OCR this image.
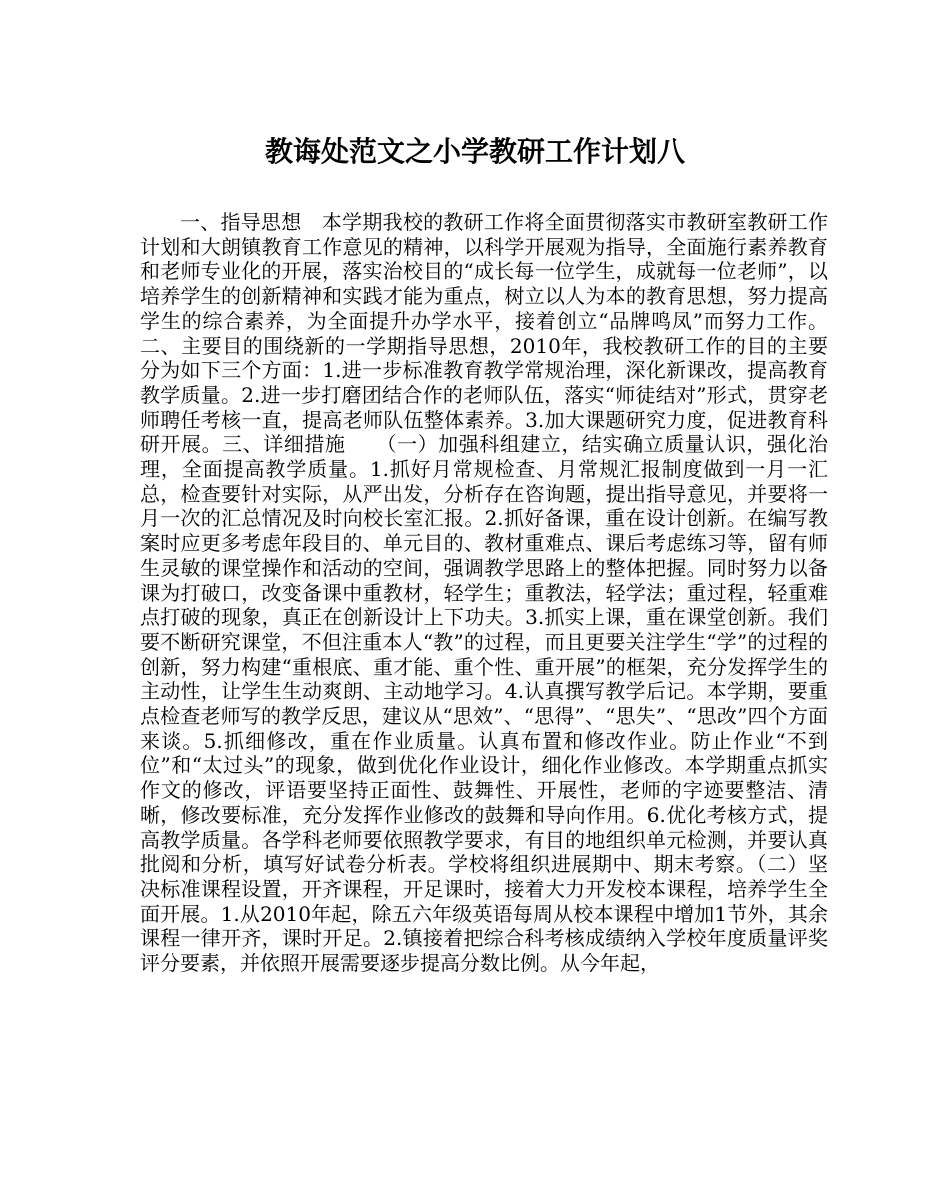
教诲处范文之小学教研工作计划八

一、指导思想　本学期我校的教研工作将全面贯彻落实市教研室教研工作计划和大朗镇教育工作意见的精神，以科学开展观为指导，全面施行素养教育和老师专业化的开展，落实治校目的“成长每一位学生，成就每一位老师”，以培养学生的创新精神和实践才能为重点，树立以人为本的教育思想，努力提高学生的综合素养，为全面提升办学水平，接着创立“品牌鸣凤”而努力工作。二、主要目的围绕新的一学期指导思想，2010年，我校教研工作的目的主要分为如下三个方面：1.进一步标准教育教学常规治理，深化新课改，提高教育教学质量。2.进一步打磨团结合作的老师队伍，落实“师徒结对”形式，贯穿老师聘任考核一直，提高老师队伍整体素养。3.加大课题研究力度，促进教育科研开展。三、详细措施　　（一）加强科组建立，结实确立质量认识，强化治理，全面提高教学质量。1.抓好月常规检查、月常规汇报制度做到一月一汇总，检查要针对实际，从严出发，分析存在咨询题，提出指导意见，并要将一月一次的汇总情况及时向校长室汇报。2.抓好备课，重在设计创新。在编写教案时应更多考虑年段目的、单元目的、教材重难点、课后考虑练习等，留有师生灵敏的课堂操作和活动的空间，强调教学思路上的整体把握。同时努力以备课为打破口，改变备课中重教材，轻学生；重教法，轻学法；重过程，轻重难点打破的现象，真正在创新设计上下功夫。3.抓实上课，重在课堂创新。我们要不断研究课堂，不但注重本人“教”的过程，而且更要关注学生“学”的过程的创新，努力构建“重根底、重才能、重个性、重开展”的框架，充分发挥学生的主动性，让学生生动爽朗、主动地学习。4.认真撰写教学后记。本学期，要重点检查老师写的教学反思，建议从“思效”、“思得”、“思失”、“思改”四个方面来谈。5.抓细修改，重在作业质量。认真布置和修改作业。防止作业“不到位”和“太过头”的现象，做到优化作业设计，细化作业修改。本学期重点抓实作文的修改，评语要坚持正面性、鼓舞性、开展性，老师的字迹要整洁、清晰，修改要标准，充分发挥作业修改的鼓舞和导向作用。6.优化考核方式，提高教学质量。各学科老师要依照教学要求，有目的地组织单元检测，并要认真批阅和分析，填写好试卷分析表。学校将组织进展期中、期末考察。（二）坚决标准课程设置，开齐课程，开足课时，接着大力开发校本课程，培养学生全面开展。1.从2010年起，除五六年级英语每周从校本课程中增加1节外，其余课程一律开齐，课时开足。2.镇接着把综合科考核成绩纳入学校年度质量评奖评分要素，并依照开展需要逐步提高分数比例。从今年起，
